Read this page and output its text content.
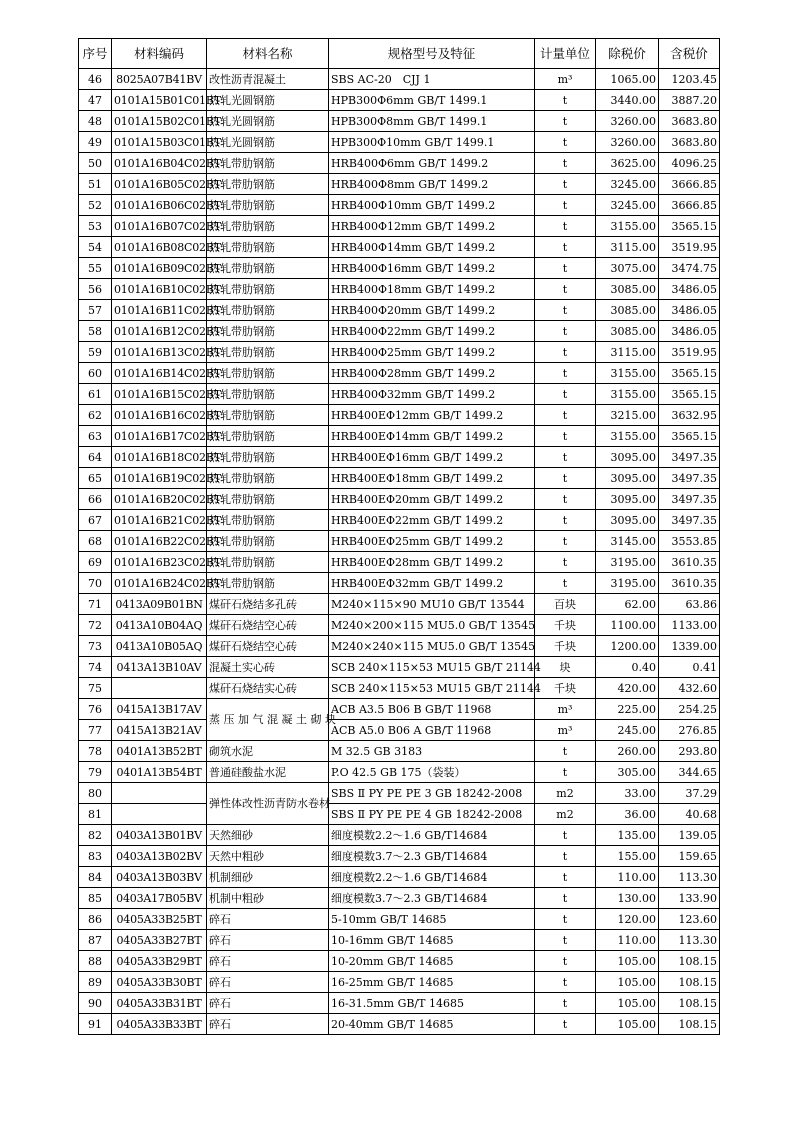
序号	材料编码	材料名称	规格型号及特征	计量单位	除税价	含税价
46	8025A07B41BV	改性沥青混凝土	SBS AC-20　CJJ 1	m³	1065.00	1203.45
47	0101A15B01C01BT	热轧光圆钢筋	HPB300Φ6mm GB/T 1499.1	t	3440.00	3887.20
48	0101A15B02C01BT	热轧光圆钢筋	HPB300Φ8mm GB/T 1499.1	t	3260.00	3683.80
49	0101A15B03C01BT	热轧光圆钢筋	HPB300Φ10mm GB/T 1499.1	t	3260.00	3683.80
50	0101A16B04C02BT	热轧带肋钢筋	HRB400Φ6mm GB/T 1499.2	t	3625.00	4096.25
51	0101A16B05C02BT	热轧带肋钢筋	HRB400Φ8mm GB/T 1499.2	t	3245.00	3666.85
52	0101A16B06C02BT	热轧带肋钢筋	HRB400Φ10mm GB/T 1499.2	t	3245.00	3666.85
53	0101A16B07C02BT	热轧带肋钢筋	HRB400Φ12mm GB/T 1499.2	t	3155.00	3565.15
54	0101A16B08C02BT	热轧带肋钢筋	HRB400Φ14mm GB/T 1499.2	t	3115.00	3519.95
55	0101A16B09C02BT	热轧带肋钢筋	HRB400Φ16mm GB/T 1499.2	t	3075.00	3474.75
56	0101A16B10C02BT	热轧带肋钢筋	HRB400Φ18mm GB/T 1499.2	t	3085.00	3486.05
57	0101A16B11C02BT	热轧带肋钢筋	HRB400Φ20mm GB/T 1499.2	t	3085.00	3486.05
58	0101A16B12C02BT	热轧带肋钢筋	HRB400Φ22mm GB/T 1499.2	t	3085.00	3486.05
59	0101A16B13C02BT	热轧带肋钢筋	HRB400Φ25mm GB/T 1499.2	t	3115.00	3519.95
60	0101A16B14C02BT	热轧带肋钢筋	HRB400Φ28mm GB/T 1499.2	t	3155.00	3565.15
61	0101A16B15C02BT	热轧带肋钢筋	HRB400Φ32mm GB/T 1499.2	t	3155.00	3565.15
62	0101A16B16C02BT	热轧带肋钢筋	HRB400EΦ12mm GB/T 1499.2	t	3215.00	3632.95
63	0101A16B17C02BT	热轧带肋钢筋	HRB400EΦ14mm GB/T 1499.2	t	3155.00	3565.15
64	0101A16B18C02BT	热轧带肋钢筋	HRB400EΦ16mm GB/T 1499.2	t	3095.00	3497.35
65	0101A16B19C02BT	热轧带肋钢筋	HRB400EΦ18mm GB/T 1499.2	t	3095.00	3497.35
66	0101A16B20C02BT	热轧带肋钢筋	HRB400EΦ20mm GB/T 1499.2	t	3095.00	3497.35
67	0101A16B21C02BT	热轧带肋钢筋	HRB400EΦ22mm GB/T 1499.2	t	3095.00	3497.35
68	0101A16B22C02BT	热轧带肋钢筋	HRB400EΦ25mm GB/T 1499.2	t	3145.00	3553.85
69	0101A16B23C02BT	热轧带肋钢筋	HRB400EΦ28mm GB/T 1499.2	t	3195.00	3610.35
70	0101A16B24C02BT	热轧带肋钢筋	HRB400EΦ32mm GB/T 1499.2	t	3195.00	3610.35
71	0413A09B01BN	煤矸石烧结多孔砖	M240×115×90 MU10 GB/T 13544	百块	62.00	63.86
72	0413A10B04AQ	煤矸石烧结空心砖	M240×200×115 MU5.0 GB/T 13545	千块	1100.00	1133.00
73	0413A10B05AQ	煤矸石烧结空心砖	M240×240×115 MU5.0 GB/T 13545	千块	1200.00	1339.00
74	0413A13B10AV	混凝土实心砖	SCB 240×115×53 MU15 GB/T 21144	块	0.40	0.41
75		煤矸石烧结实心砖	SCB 240×115×53 MU15 GB/T 21144	千块	420.00	432.60
76	0415A13B17AV	蒸 压 加 气 混 凝 土 砌 块	ACB A3.5 B06 B GB/T 11968	m³	225.00	254.25
77	0415A13B21AV		ACB A5.0 B06 A GB/T 11968	m³	245.00	276.85
78	0401A13B52BT	砌筑水泥	M 32.5 GB 3183	t	260.00	293.80
79	0401A13B54BT	普通硅酸盐水泥	P.O 42.5 GB 175（袋装）	t	305.00	344.65
80		弹性体改性沥青防水卷材	SBS Ⅱ PY PE PE 3 GB 18242-2008	m2	33.00	37.29
81			SBS Ⅱ PY PE PE 4 GB 18242-2008	m2	36.00	40.68
82	0403A13B01BV	天然细砂	细度模数2.2～1.6 GB/T14684	t	135.00	139.05
83	0403A13B02BV	天然中粗砂	细度模数3.7～2.3 GB/T14684	t	155.00	159.65
84	0403A13B03BV	机制细砂	细度模数2.2～1.6 GB/T14684	t	110.00	113.30
85	0403A17B05BV	机制中粗砂	细度模数3.7～2.3 GB/T14684	t	130.00	133.90
86	0405A33B25BT	碎石	5-10mm GB/T 14685	t	120.00	123.60
87	0405A33B27BT	碎石	10-16mm GB/T 14685	t	110.00	113.30
88	0405A33B29BT	碎石	10-20mm GB/T 14685	t	105.00	108.15
89	0405A33B30BT	碎石	16-25mm GB/T 14685	t	105.00	108.15
90	0405A33B31BT	碎石	16-31.5mm GB/T 14685	t	105.00	108.15
91	0405A33B33BT	碎石	20-40mm GB/T 14685	t	105.00	108.15
